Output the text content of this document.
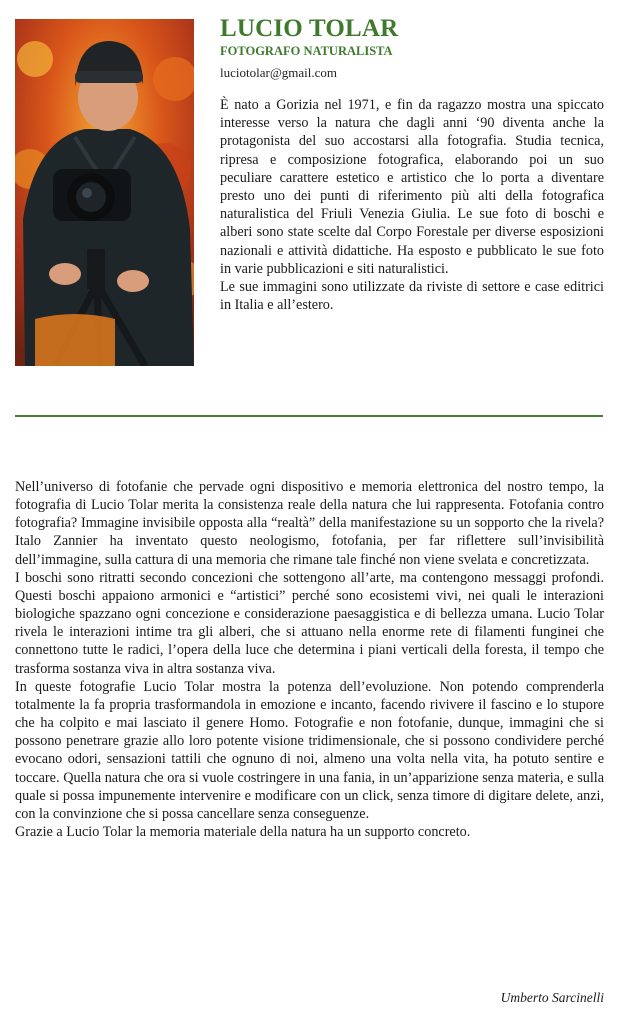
LUCIO TOLAR
FOTOGRAFO NATURALISTA
luciotolar@gmail.com

È nato a Gorizia nel 1971, e fin da ragazzo mostra una spiccato interesse verso la natura che dagli anni ‘90 diventa anche la protagonista del suo accostarsi alla fotografia. Studia tecnica, ripresa e composizione fotografica, elaborando poi un suo peculiare carattere estetico e artistico che lo porta a diventare presto uno dei punti di riferimento più alti della fotografica naturalistica del Friuli Venezia Giulia. Le sue foto di boschi e alberi sono state scelte dal Corpo Forestale per diverse esposizioni nazionali e attività didattiche. Ha esposto e pubblicato le sue foto in varie pubblicazioni e siti naturalistici.

Le sue immagini sono utilizzate da riviste di settore e case editrici in Italia e all’estero.

Nell’universo di fotofanie che pervade ogni dispositivo e memoria elettronica del nostro tempo, la fotografia di Lucio Tolar merita la consistenza reale della natura che lui rappresenta. Fotofania contro fotografia? Immagine invisibile opposta alla “realtà” della manifestazione su un sopporto che la rivela? Italo Zannier ha inventato questo neologismo, fotofania, per far riflettere sull’invisibilità dell’immagine, sulla cattura di una memoria che rimane tale finché non viene svelata e concretizzata.

I boschi sono ritratti secondo concezioni che sottengono all’arte, ma contengono messaggi profondi. Questi boschi appaiono armonici e “artistici” perché sono ecosistemi vivi, nei quali le interazioni biologiche spazzano ogni concezione e considerazione paesaggistica e di bellezza umana. Lucio Tolar rivela le interazioni intime tra gli alberi, che si attuano nella enorme rete di filamenti funginei che connettono tutte le radici, l’opera della luce che determina i piani verticali della foresta, il tempo che trasforma sostanza viva in altra sostanza viva.

In queste fotografie Lucio Tolar mostra la potenza dell’evoluzione. Non potendo comprenderla totalmente la fa propria trasformandola in emozione e incanto, facendo rivivere il fascino e lo stupore che ha colpito e mai lasciato il genere Homo. Fotografie e non fotofanie, dunque, immagini che si possono penetrare grazie allo loro potente visione tridimensionale, che si possono condividere perché evocano odori, sensazioni tattili che ognuno di noi, almeno una volta nella vita, ha potuto sentire e toccare. Quella natura che ora si vuole costringere in una fania, in un’apparizione senza materia, e sulla quale si possa impunemente intervenire e modificare con un click, senza timore di digitare delete, anzi, con la convinzione che si possa cancellare senza conseguenze.

Grazie a Lucio Tolar la memoria materiale della natura ha un supporto concreto.

Umberto Sarcinelli
